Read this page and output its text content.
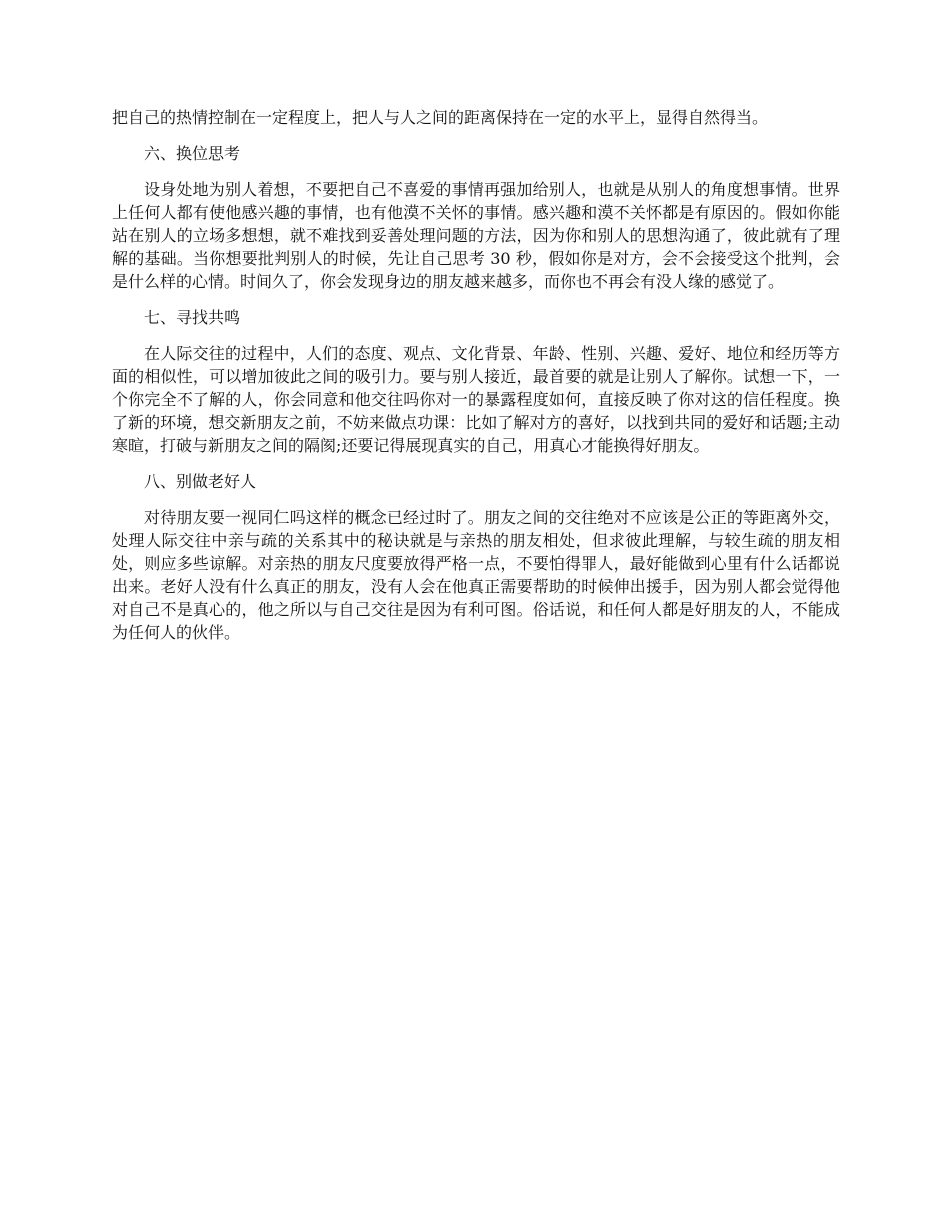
把自己的热情控制在一定程度上，把人与人之间的距离保持在一定的水平上，显得自然得当。

六、换位思考

设身处地为别人着想，不要把自己不喜爱的事情再强加给别人，也就是从别人的角度想事情。世界上任何人都有使他感兴趣的事情，也有他漠不关怀的事情。感兴趣和漠不关怀都是有原因的。假如你能站在别人的立场多想想，就不难找到妥善处理问题的方法，因为你和别人的思想沟通了，彼此就有了理解的基础。当你想要批判别人的时候，先让自己思考 30 秒，假如你是对方，会不会接受这个批判，会是什么样的心情。时间久了，你会发现身边的朋友越来越多，而你也不再会有没人缘的感觉了。

七、寻找共鸣

在人际交往的过程中，人们的态度、观点、文化背景、年龄、性别、兴趣、爱好、地位和经历等方面的相似性，可以增加彼此之间的吸引力。要与别人接近，最首要的就是让别人了解你。试想一下，一个你完全不了解的人，你会同意和他交往吗你对一的暴露程度如何，直接反映了你对这的信任程度。换了新的环境，想交新朋友之前，不妨来做点功课：比如了解对方的喜好，以找到共同的爱好和话题;主动寒暄，打破与新朋友之间的隔阂;还要记得展现真实的自己，用真心才能换得好朋友。

八、别做老好人

对待朋友要一视同仁吗这样的概念已经过时了。朋友之间的交往绝对不应该是公正的等距离外交，处理人际交往中亲与疏的关系其中的秘诀就是与亲热的朋友相处，但求彼此理解，与较生疏的朋友相处，则应多些谅解。对亲热的朋友尺度要放得严格一点，不要怕得罪人，最好能做到心里有什么话都说出来。老好人没有什么真正的朋友，没有人会在他真正需要帮助的时候伸出援手，因为别人都会觉得他对自己不是真心的，他之所以与自己交往是因为有利可图。俗话说，和任何人都是好朋友的人，不能成为任何人的伙伴。
